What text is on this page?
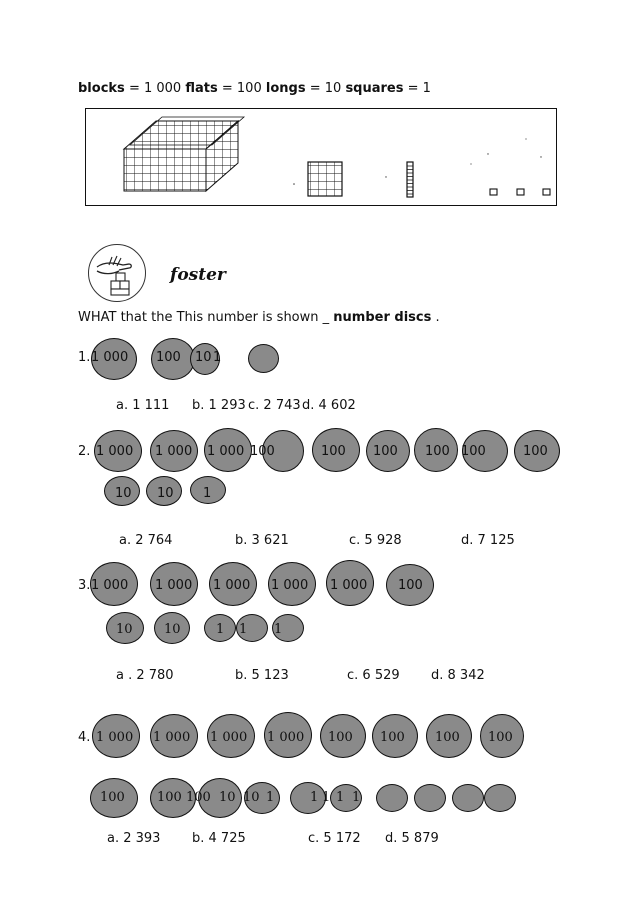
blocks = 1 000 flats = 100 longs = 10 squares = 1
foster
WHAT that the This number is shown _ number discs .
1. 1 000 100 10 1
a. 1 111 b. 1 293 c. 2 743 d. 4 602
2. 1 000 1 000 1 000 100	100 100 100 100	100
10 10 1
a. 2 764	b. 3 621	c. 5 928	d. 7 125
3. 1 000 1 000 1 000 1 000 1 000 100
10 10	1 1 1
a . 2 780	b. 5 123	c. 6 529 d. 8 342
4. 1 000 1 000 1 000 1 000 100 100 100 100
100 100 100 10 10 1	1 1 1 1
a. 2 393 b. 4 725	c. 5 172 d. 5 879
